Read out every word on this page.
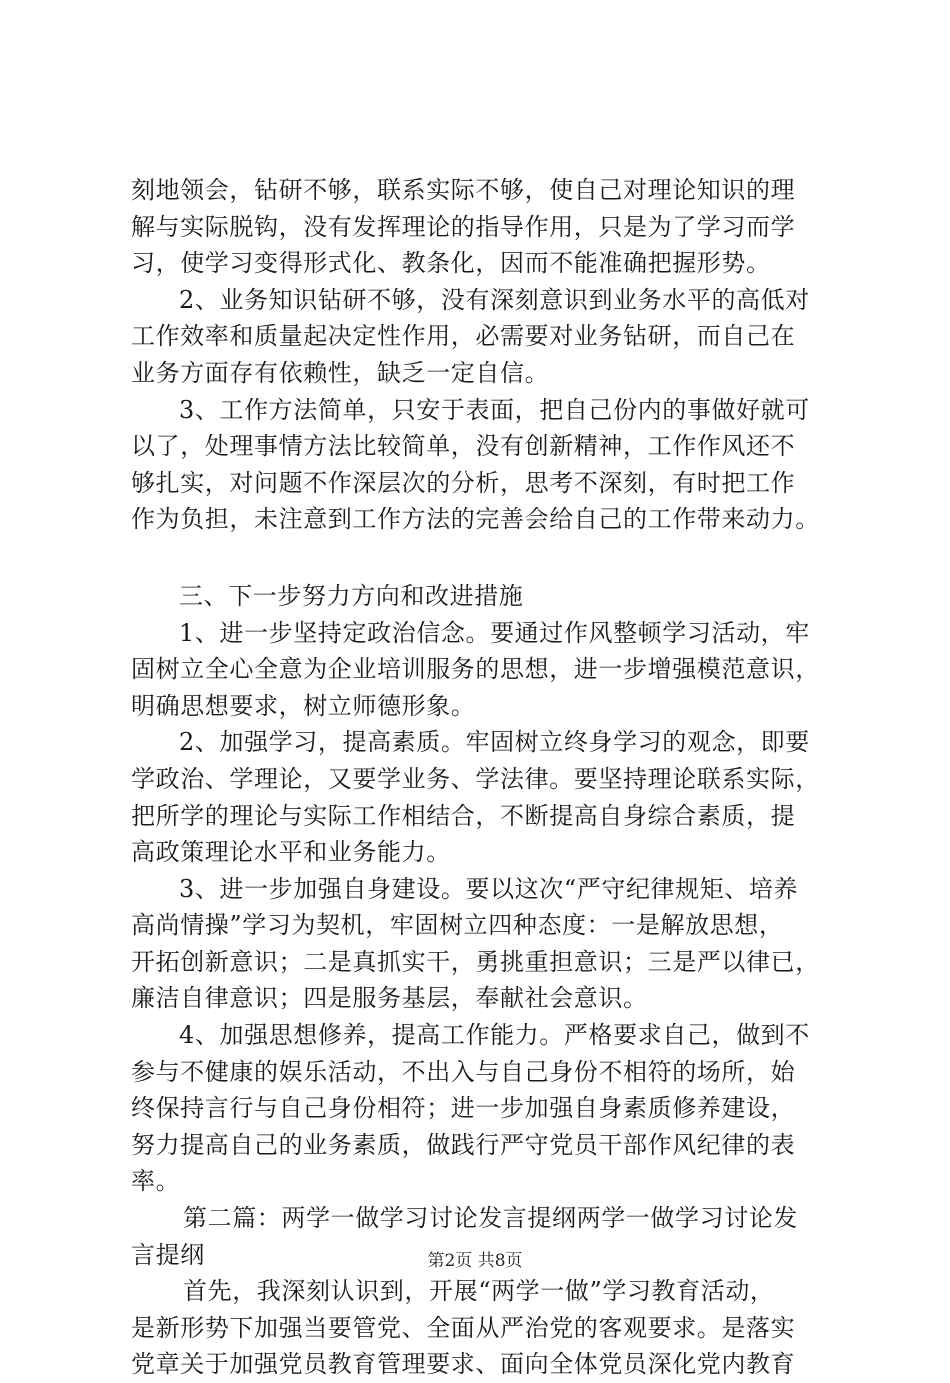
刻地领会，钻研不够，联系实际不够，使自己对理论知识的理
解与实际脱钩，没有发挥理论的指导作用，只是为了学习而学
习，使学习变得形式化、教条化，因而不能准确把握形势。
2、业务知识钻研不够，没有深刻意识到业务水平的高低对
工作效率和质量起决定性作用，必需要对业务钻研，而自己在
业务方面存有依赖性，缺乏一定自信。
3、工作方法简单，只安于表面，把自己份内的事做好就可
以了，处理事情方法比较简单，没有创新精神，工作作风还不
够扎实，对问题不作深层次的分析，思考不深刻，有时把工作
作为负担，未注意到工作方法的完善会给自己的工作带来动力。
三、下一步努力方向和改进措施
1、进一步坚持定政治信念。要通过作风整顿学习活动，牢
固树立全心全意为企业培训服务的思想，进一步增强模范意识，
明确思想要求，树立师德形象。
2、加强学习，提高素质。牢固树立终身学习的观念，即要
学政治、学理论，又要学业务、学法律。要坚持理论联系实际，
把所学的理论与实际工作相结合，不断提高自身综合素质，提
高政策理论水平和业务能力。
3、进一步加强自身建设。要以这次“严守纪律规矩、培养
高尚情操”学习为契机，牢固树立四种态度：一是解放思想，
开拓创新意识；二是真抓实干，勇挑重担意识；三是严以律已，
廉洁自律意识；四是服务基层，奉献社会意识。
4、加强思想修养，提高工作能力。严格要求自己，做到不
参与不健康的娱乐活动，不出入与自己身份不相符的场所，始
终保持言行与自己身份相符；进一步加强自身素质修养建设，
努力提高自己的业务素质，做践行严守党员干部作风纪律的表
率。
第二篇：两学一做学习讨论发言提纲两学一做学习讨论发
言提纲
首先，我深刻认识到，开展“两学一做”学习教育活动，
是新形势下加强当要管党、全面从严治党的客观要求。是落实
党章关于加强党员教育管理要求、面向全体党员深化党内教育
第2页 共8页
